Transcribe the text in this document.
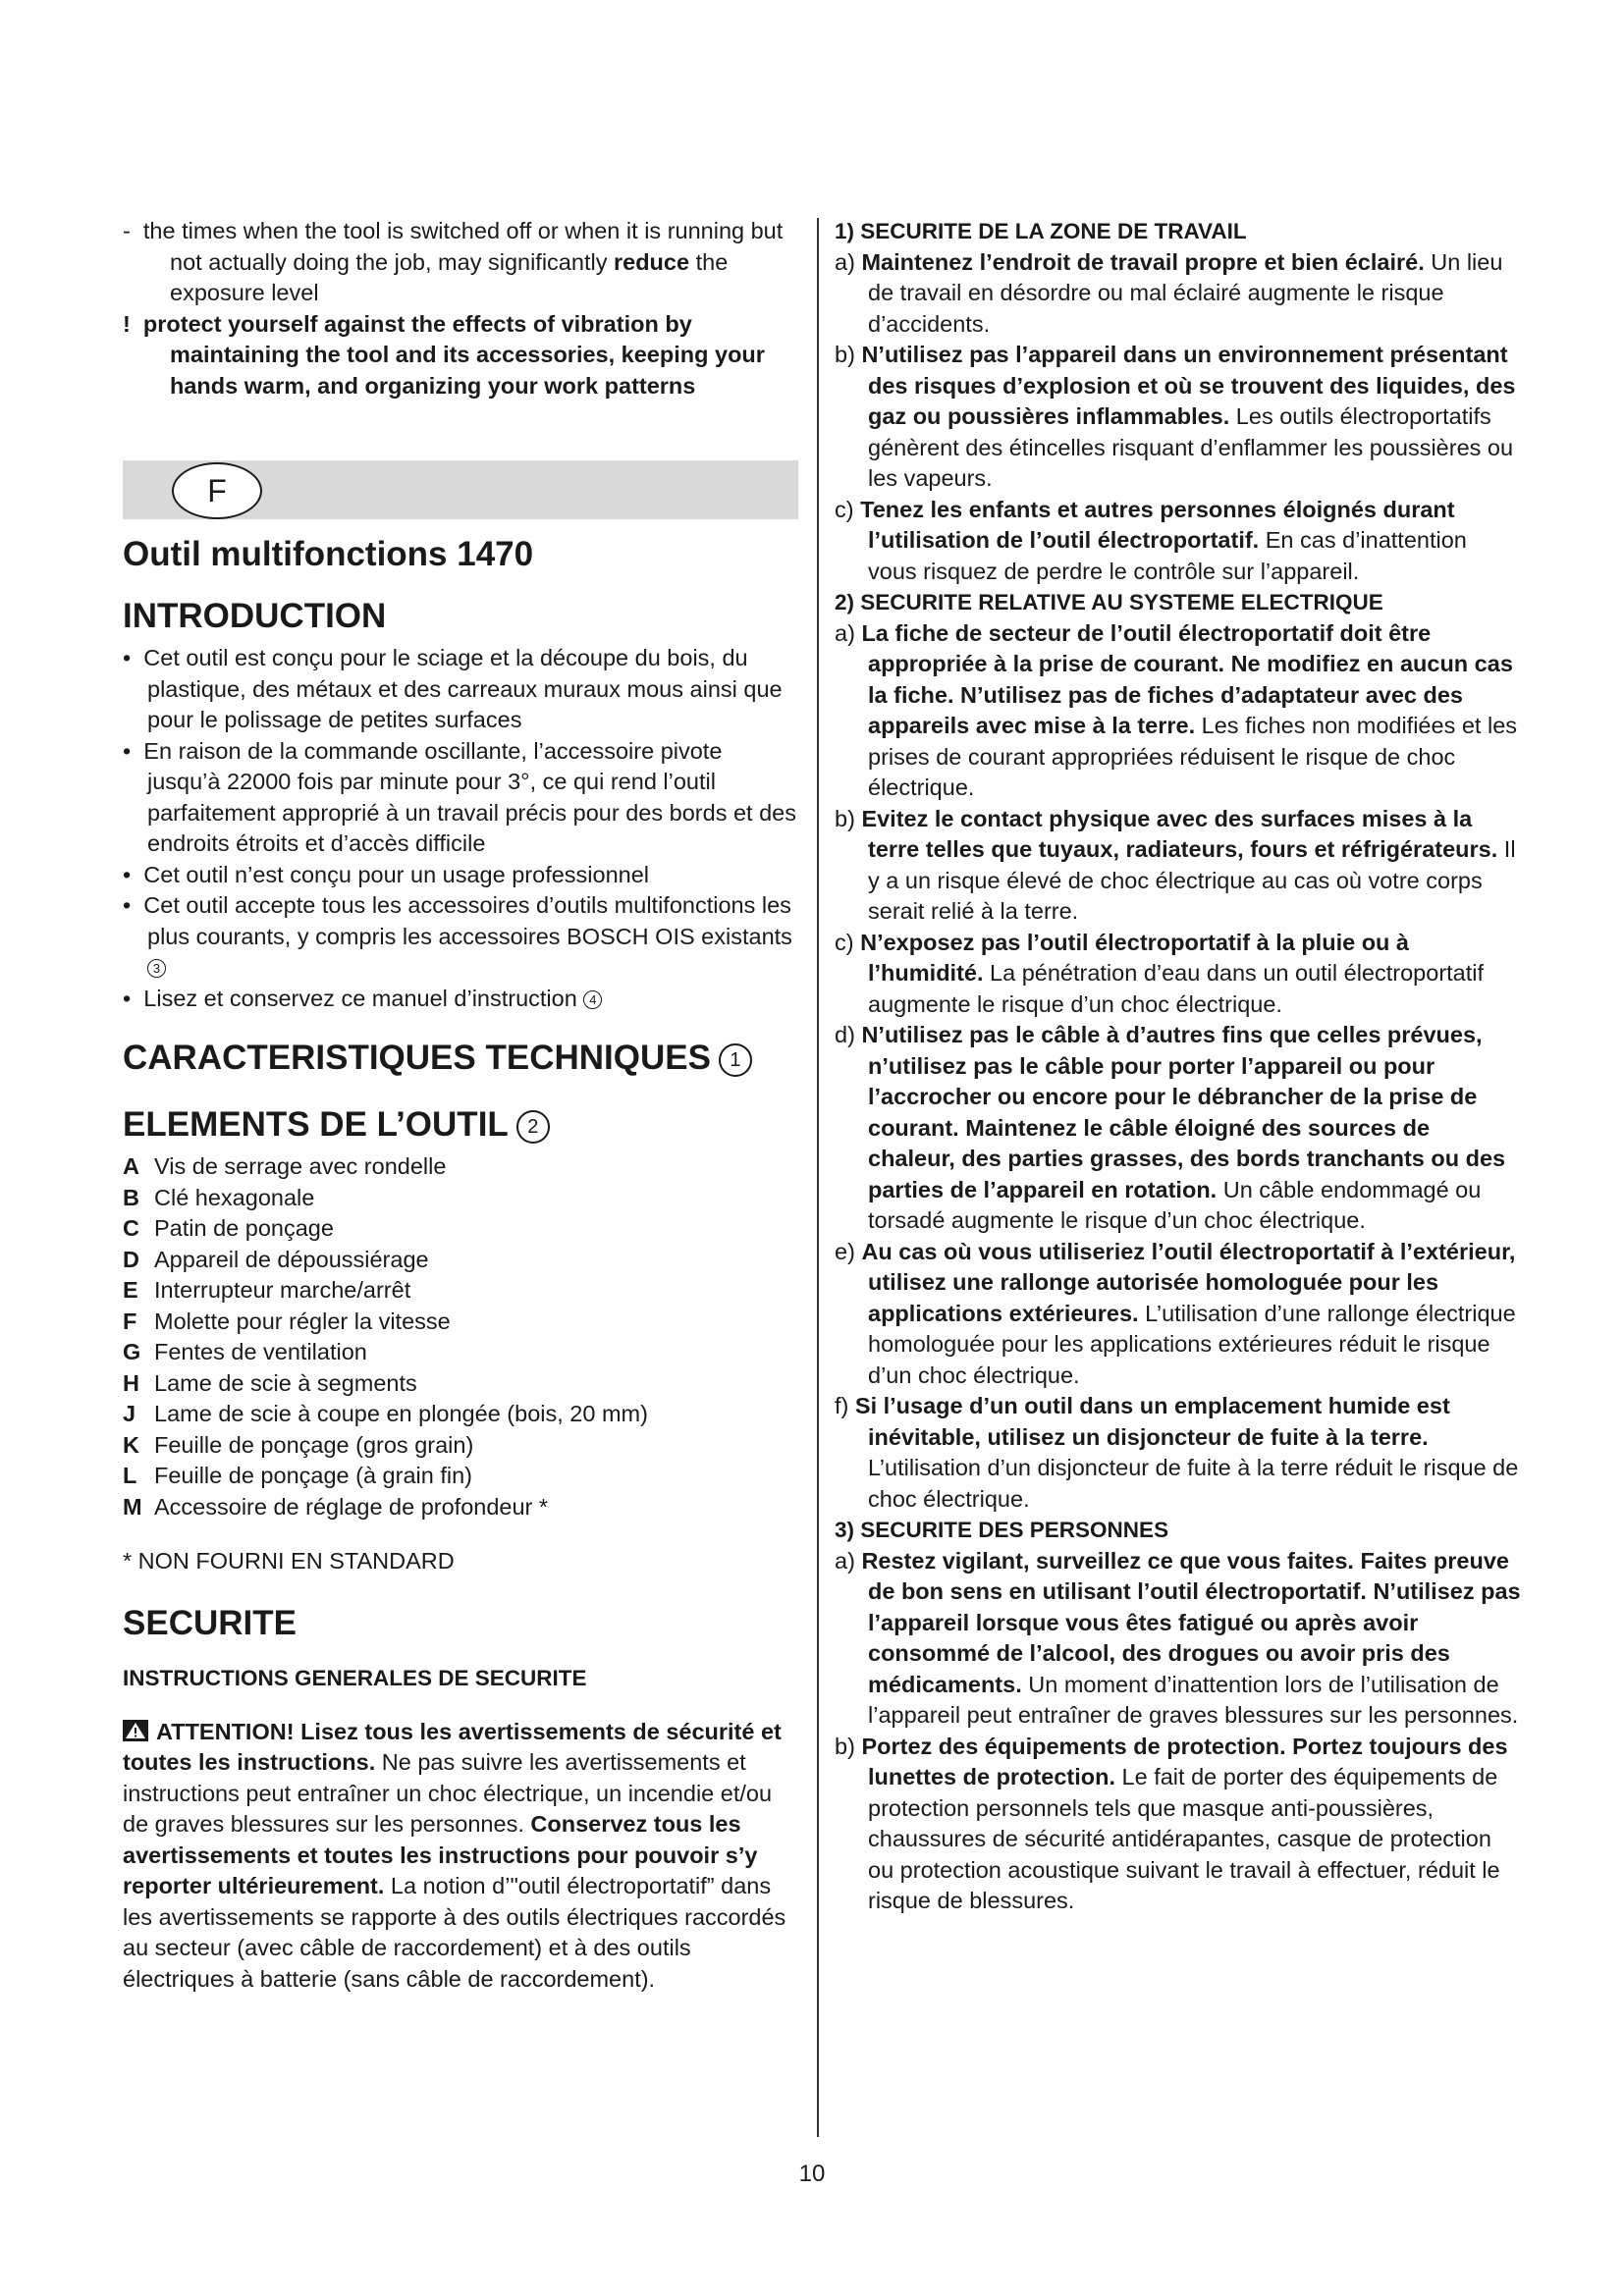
- the times when the tool is switched off or when it is running but not actually doing the job, may significantly reduce the exposure level
! protect yourself against the effects of vibration by maintaining the tool and its accessories, keeping your hands warm, and organizing your work patterns
F
Outil multifonctions 1470
INTRODUCTION
•  Cet outil est conçu pour le sciage et la découpe du bois, du plastique, des métaux et des carreaux muraux mous ainsi que pour le polissage de petites surfaces
•  En raison de la commande oscillante, l’accessoire pivote jusqu’à 22000 fois par minute pour 3°, ce qui rend l’outil parfaitement approprié à un travail précis pour des bords et des endroits étroits et d’accès difficile
•  Cet outil n’est conçu pour un usage professionnel
•  Cet outil accepte tous les accessoires d’outils multifonctions les plus courants, y compris les accessoires BOSCH OIS existants 3
•  Lisez et conservez ce manuel d’instruction 4
CARACTERISTIQUES TECHNIQUES 1
ELEMENTS DE L’OUTIL 2
A Vis de serrage avec rondelle
B Clé hexagonale
C Patin de ponçage
D Appareil de dépoussiérage
E Interrupteur marche/arrêt
F Molette pour régler la vitesse
G Fentes de ventilation
H Lame de scie à segments
J Lame de scie à coupe en plongée (bois, 20 mm)
K Feuille de ponçage (gros grain)
L Feuille de ponçage (à grain fin)
M Accessoire de réglage de profondeur *
* NON FOURNI EN STANDARD
SECURITE
INSTRUCTIONS GENERALES DE SECURITE
ATTENTION! Lisez tous les avertissements de sécurité et toutes les instructions. Ne pas suivre les avertissements et instructions peut entraîner un choc électrique, un incendie et/ou de graves blessures sur les personnes. Conservez tous les avertissements et toutes les instructions pour pouvoir s’y reporter ultérieurement. La notion d’"outil électroportatif” dans les avertissements se rapporte à des outils électriques raccordés au secteur (avec câble de raccordement) et à des outils électriques à batterie (sans câble de raccordement).
1) SECURITE DE LA ZONE DE TRAVAIL
a) Maintenez l’endroit de travail propre et bien éclairé. Un lieu de travail en désordre ou mal éclairé augmente le risque d’accidents.
b) N’utilisez pas l’appareil dans un environnement présentant des risques d’explosion et où se trouvent des liquides, des gaz ou poussières inflammables. Les outils électroportatifs génèrent des étincelles risquant d’enflammer les poussières ou les vapeurs.
c) Tenez les enfants et autres personnes éloignés durant l’utilisation de l’outil électroportatif. En cas d’inattention vous risquez de perdre le contrôle sur l’appareil.
2) SECURITE RELATIVE AU SYSTEME ELECTRIQUE
a) La fiche de secteur de l’outil électroportatif doit être appropriée à la prise de courant. Ne modifiez en aucun cas la fiche. N’utilisez pas de fiches d’adaptateur avec des appareils avec mise à la terre. Les fiches non modifiées et les prises de courant appropriées réduisent le risque de choc électrique.
b) Evitez le contact physique avec des surfaces mises à la terre telles que tuyaux, radiateurs, fours et réfrigérateurs. Il y a un risque élevé de choc électrique au cas où votre corps serait relié à la terre.
c) N’exposez pas l’outil électroportatif à la pluie ou à l’humidité. La pénétration d’eau dans un outil électroportatif augmente le risque d’un choc électrique.
d) N’utilisez pas le câble à d’autres fins que celles prévues, n’utilisez pas le câble pour porter l’appareil ou pour l’accrocher ou encore pour le débrancher de la prise de courant. Maintenez le câble éloigné des sources de chaleur, des parties grasses, des bords tranchants ou des parties de l’appareil en rotation. Un câble endommagé ou torsadé augmente le risque d’un choc électrique.
e) Au cas où vous utiliseriez l’outil électroportatif à l’extérieur, utilisez une rallonge autorisée homologuée pour les applications extérieures. L’utilisation d’une rallonge électrique homologuée pour les applications extérieures réduit le risque d’un choc électrique.
f) Si l’usage d’un outil dans un emplacement humide est inévitable, utilisez un disjoncteur de fuite à la terre. L’utilisation d’un disjoncteur de fuite à la terre réduit le risque de choc électrique.
3) SECURITE DES PERSONNES
a) Restez vigilant, surveillez ce que vous faites. Faites preuve de bon sens en utilisant l’outil électroportatif. N’utilisez pas l’appareil lorsque vous êtes fatigué ou après avoir consommé de l’alcool, des drogues ou avoir pris des médicaments. Un moment d’inattention lors de l’utilisation de l’appareil peut entraîner de graves blessures sur les personnes.
b) Portez des équipements de protection. Portez toujours des lunettes de protection. Le fait de porter des équipements de protection personnels tels que masque anti-poussières, chaussures de sécurité antidérapantes, casque de protection ou protection acoustique suivant le travail à effectuer, réduit le risque de blessures.
10
